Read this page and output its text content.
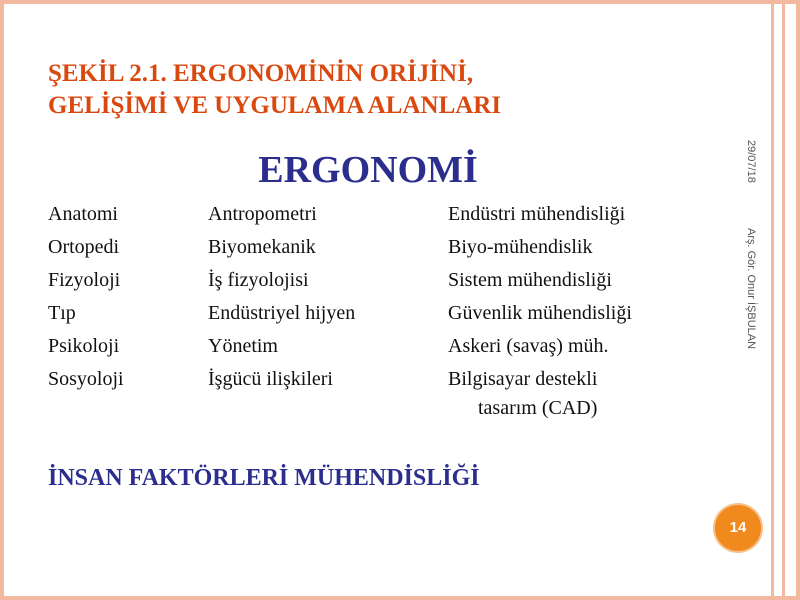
ŞEKİL 2.1. ERGONOMİNİN ORİJİNİ,
GELİŞİMİ VE UYGULAMA ALANLARI
ERGONOMİ
Anatomi	Antropometri	Endüstri mühendisliği
Ortopedi	Biyomekanik	Biyo-mühendislik
Fizyoloji	İş fizyolojisi	Sistem mühendisliği
Tıp	Endüstriyel hijyen	Güvenlik mühendisliği
Psikoloji	Yönetim	Askeri (savaş) müh.
Sosyoloji	İşgücü ilişkileri	Bilgisayar destekli
tasarım (CAD)
İNSAN FAKTÖRLERİ MÜHENDİSLİĞİ
29/07/18
Arş. Gör. Onur İŞBULAN
14
